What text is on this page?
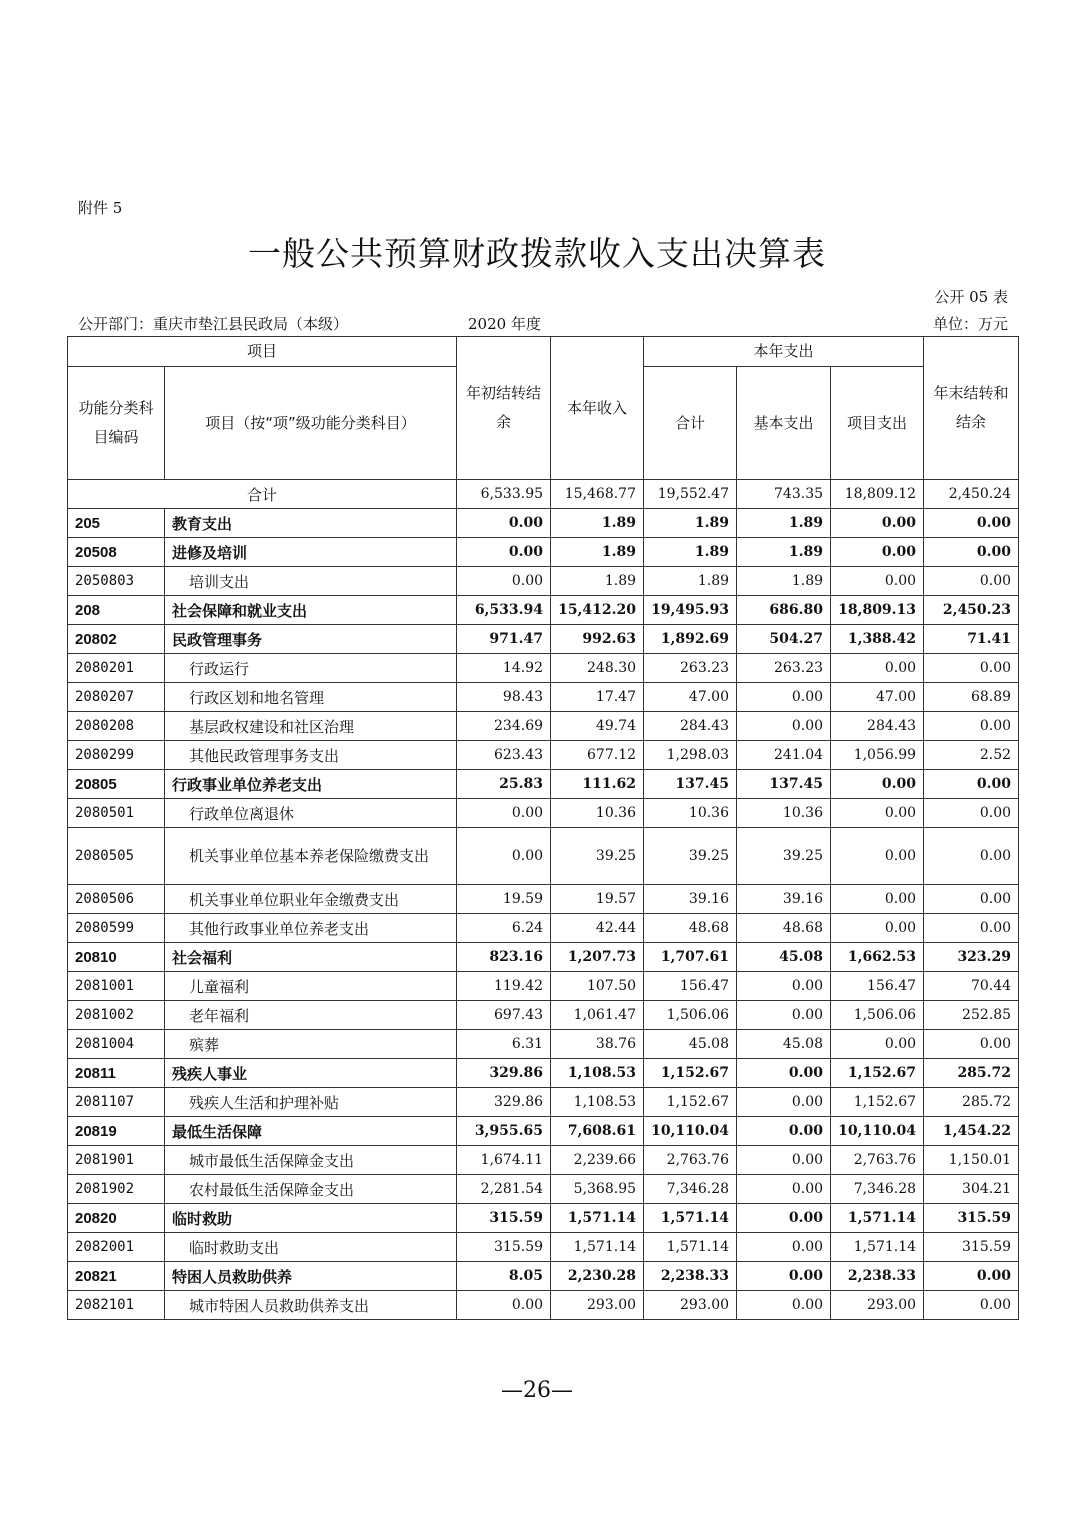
附件 5
一般公共预算财政拨款收入支出决算表
公开 05 表
公开部门：重庆市垫江县民政局（本级）	2020 年度	单位：万元
项目		年初结转结余	本年收入	本年支出			年末结转和结余
功能分类科目编码	项目（按“项”级功能分类科目）			合计	基本支出	项目支出	
合计		6,533.95	15,468.77	19,552.47	743.35	18,809.12	2,450.24
205	教育支出	0.00	1.89	1.89	1.89	0.00	0.00
20508	进修及培训	0.00	1.89	1.89	1.89	0.00	0.00
2050803	培训支出	0.00	1.89	1.89	1.89	0.00	0.00
208	社会保障和就业支出	6,533.94	15,412.20	19,495.93	686.80	18,809.13	2,450.23
20802	民政管理事务	971.47	992.63	1,892.69	504.27	1,388.42	71.41
2080201	行政运行	14.92	248.30	263.23	263.23	0.00	0.00
2080207	行政区划和地名管理	98.43	17.47	47.00	0.00	47.00	68.89
2080208	基层政权建设和社区治理	234.69	49.74	284.43	0.00	284.43	0.00
2080299	其他民政管理事务支出	623.43	677.12	1,298.03	241.04	1,056.99	2.52
20805	行政事业单位养老支出	25.83	111.62	137.45	137.45	0.00	0.00
2080501	行政单位离退休	0.00	10.36	10.36	10.36	0.00	0.00
2080505	机关事业单位基本养老保险缴费支出	0.00	39.25	39.25	39.25	0.00	0.00
2080506	机关事业单位职业年金缴费支出	19.59	19.57	39.16	39.16	0.00	0.00
2080599	其他行政事业单位养老支出	6.24	42.44	48.68	48.68	0.00	0.00
20810	社会福利	823.16	1,207.73	1,707.61	45.08	1,662.53	323.29
2081001	儿童福利	119.42	107.50	156.47	0.00	156.47	70.44
2081002	老年福利	697.43	1,061.47	1,506.06	0.00	1,506.06	252.85
2081004	殡葬	6.31	38.76	45.08	45.08	0.00	0.00
20811	残疾人事业	329.86	1,108.53	1,152.67	0.00	1,152.67	285.72
2081107	残疾人生活和护理补贴	329.86	1,108.53	1,152.67	0.00	1,152.67	285.72
20819	最低生活保障	3,955.65	7,608.61	10,110.04	0.00	10,110.04	1,454.22
2081901	城市最低生活保障金支出	1,674.11	2,239.66	2,763.76	0.00	2,763.76	1,150.01
2081902	农村最低生活保障金支出	2,281.54	5,368.95	7,346.28	0.00	7,346.28	304.21
20820	临时救助	315.59	1,571.14	1,571.14	0.00	1,571.14	315.59
2082001	临时救助支出	315.59	1,571.14	1,571.14	0.00	1,571.14	315.59
20821	特困人员救助供养	8.05	2,230.28	2,238.33	0.00	2,238.33	0.00
2082101	城市特困人员救助供养支出	0.00	293.00	293.00	0.00	293.00	0.00
—26—
